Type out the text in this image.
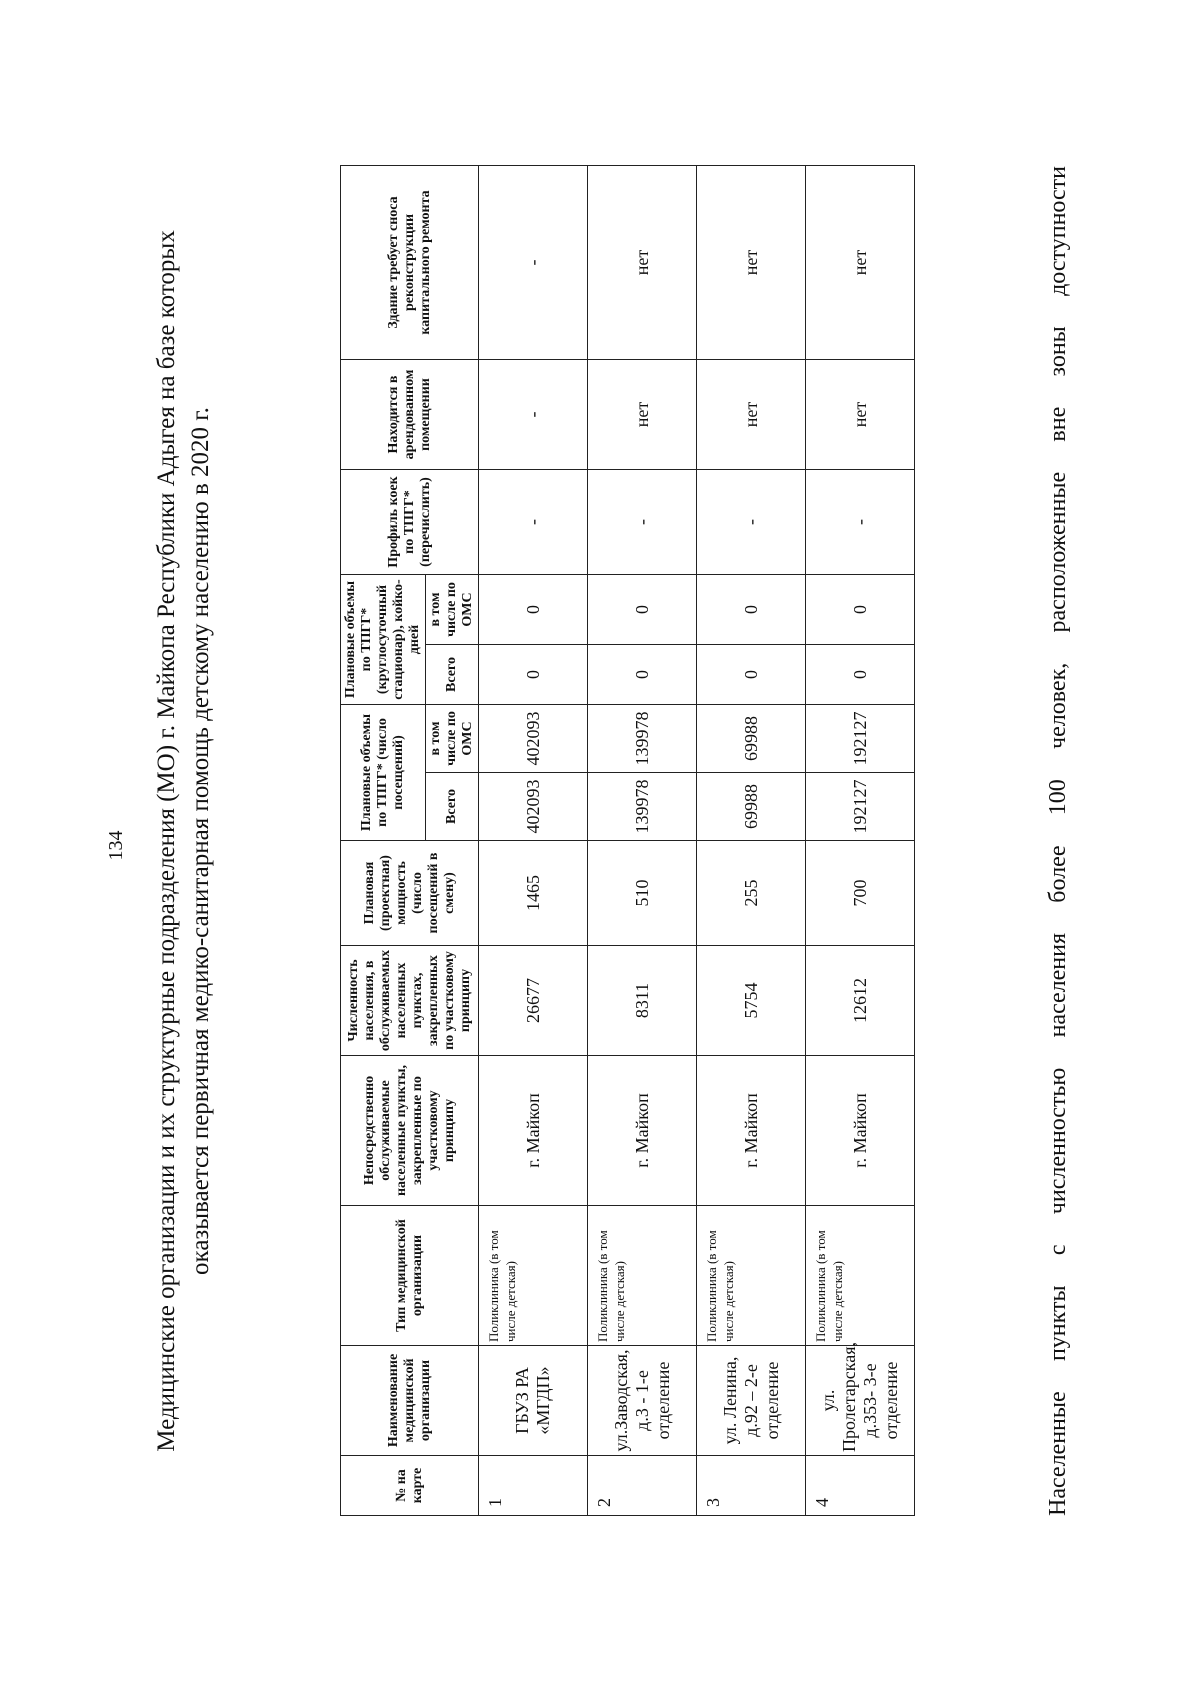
134 Медицинские организации и их структурные подразделения (МО) г. Майкопа Республики Адыгея на базе которых оказывается первичная медико-санитарная помощь детскому населению в 2020 г.
№ на карте	Наименование медицинской организации	Тип медицинской организации	Непосредственно обслуживаемые населенные пункты, закрепленные по участковому принципу	Численность населения, в обслуживаемых населенных пунктах, закрепленных по участковому принципу	Плановая (проектная) мощность (число посещений в смену)	Плановые объемы по ТПГГ* (число посещений)		Плановые объемы по ТПГГ* (круглосуточный стационар), койко-дней		Профиль коек по ТПГГ* (перечислить)	Находится в арендованном помещении	Здание требует сноса реконструкции капитального ремонта
						Всего	в том числе по ОМС	Всего	в том числе по ОМС			
1	ГБУЗ РА «МГДП»	Поликлиника (в том числе детская)	г. Майкоп	26677	1465	402093	402093	0	0	-	-	-
2	ул.Заводская, д.3 - 1-е отделение	Поликлиника (в том числе детская)	г. Майкоп	8311	510	139978	139978	0	0	-	нет	нет
3	ул. Ленина, д.92 – 2-е отделение	Поликлиника (в том числе детская)	г. Майкоп	5754	255	69988	69988	0	0	-	нет	нет
4	ул. Пролетарская, д.353- 3-е отделение	Поликлиника (в том числе детская)	г. Майкоп	12612	700	192127	192127	0	0	-	нет	нет	Населенные пункты с численностью населения более 100 человек, расположенные вне зоны доступности
